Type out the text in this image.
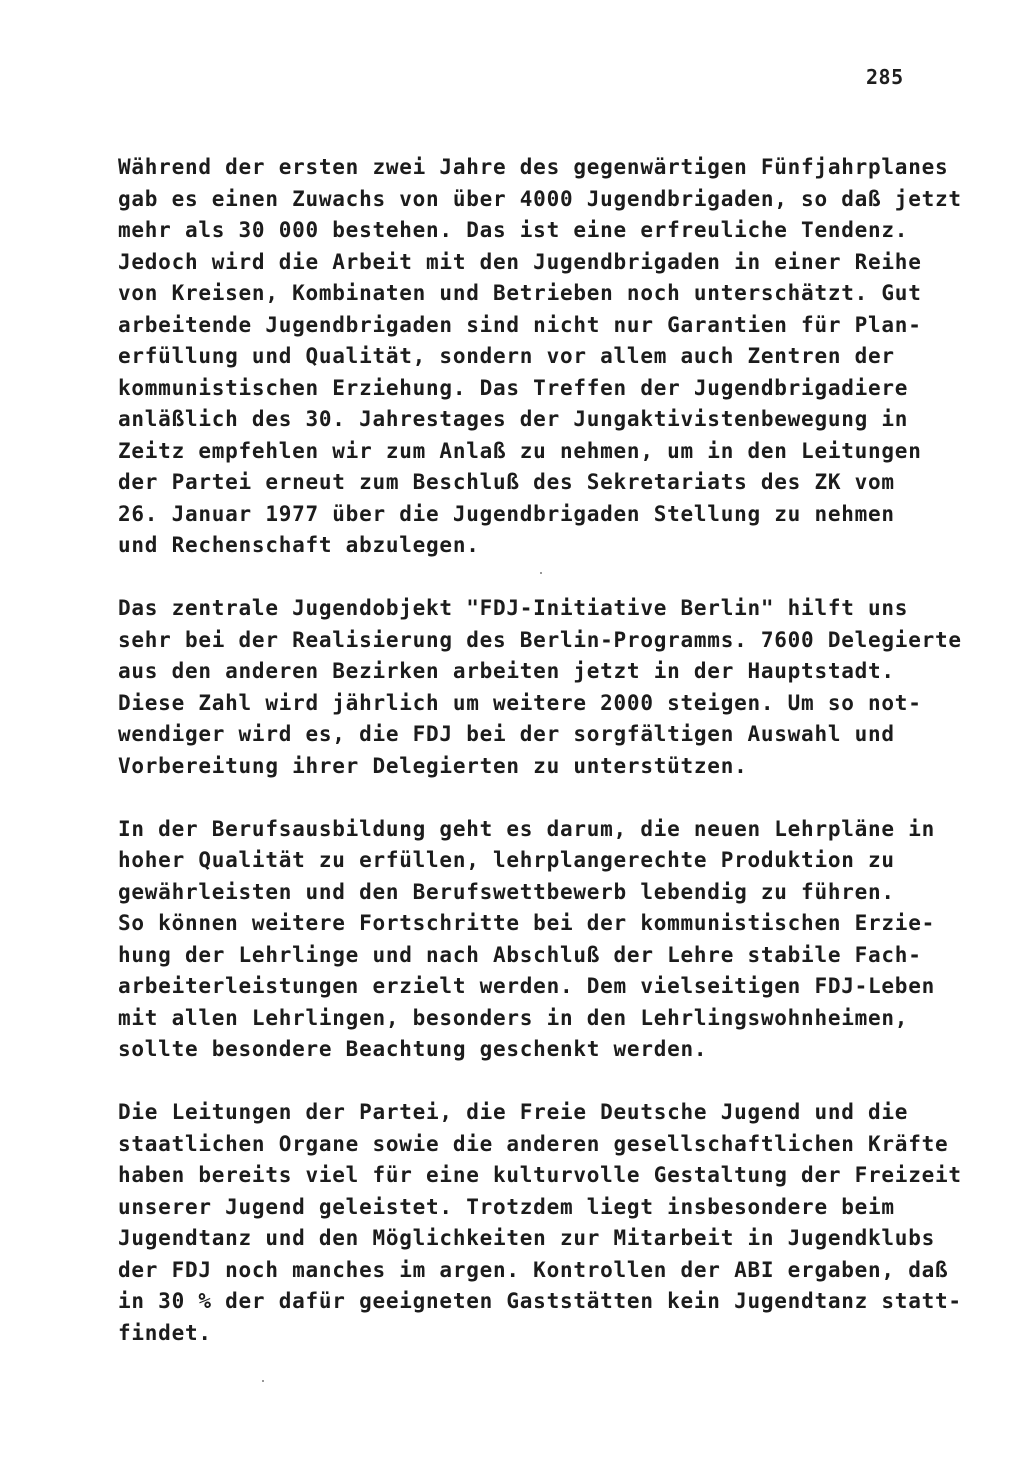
285
Während der ersten zwei Jahre des gegenwärtigen Fünfjahrplanes
gab es einen Zuwachs von über 4000 Jugendbrigaden, so daß jetzt
mehr als 30 000 bestehen. Das ist eine erfreuliche Tendenz.
Jedoch wird die Arbeit mit den Jugendbrigaden in einer Reihe
von Kreisen, Kombinaten und Betrieben noch unterschätzt. Gut
arbeitende Jugendbrigaden sind nicht nur Garantien für Plan-
erfüllung und Qualität, sondern vor allem auch Zentren der
kommunistischen Erziehung. Das Treffen der Jugendbrigadiere
anläßlich des 30. Jahrestages der Jungaktivistenbewegung in
Zeitz empfehlen wir zum Anlaß zu nehmen, um in den Leitungen
der Partei erneut zum Beschluß des Sekretariats des ZK vom
26. Januar 1977 über die Jugendbrigaden Stellung zu nehmen
und Rechenschaft abzulegen.
Das zentrale Jugendobjekt "FDJ-Initiative Berlin" hilft uns
sehr bei der Realisierung des Berlin-Programms. 7600 Delegierte
aus den anderen Bezirken arbeiten jetzt in der Hauptstadt.
Diese Zahl wird jährlich um weitere 2000 steigen. Um so not-
wendiger wird es, die FDJ bei der sorgfältigen Auswahl und
Vorbereitung ihrer Delegierten zu unterstützen.
In der Berufsausbildung geht es darum, die neuen Lehrpläne in
hoher Qualität zu erfüllen, lehrplangerechte Produktion zu
gewährleisten und den Berufswettbewerb lebendig zu führen.
So können weitere Fortschritte bei der kommunistischen Erzie-
hung der Lehrlinge und nach Abschluß der Lehre stabile Fach-
arbeiterleistungen erzielt werden. Dem vielseitigen FDJ-Leben
mit allen Lehrlingen, besonders in den Lehrlingswohnheimen,
sollte besondere Beachtung geschenkt werden.
Die Leitungen der Partei, die Freie Deutsche Jugend und die
staatlichen Organe sowie die anderen gesellschaftlichen Kräfte
haben bereits viel für eine kulturvolle Gestaltung der Freizeit
unserer Jugend geleistet. Trotzdem liegt insbesondere beim
Jugendtanz und den Möglichkeiten zur Mitarbeit in Jugendklubs
der FDJ noch manches im argen. Kontrollen der ABI ergaben, daß
in 30 % der dafür geeigneten Gaststätten kein Jugendtanz statt-
findet.
